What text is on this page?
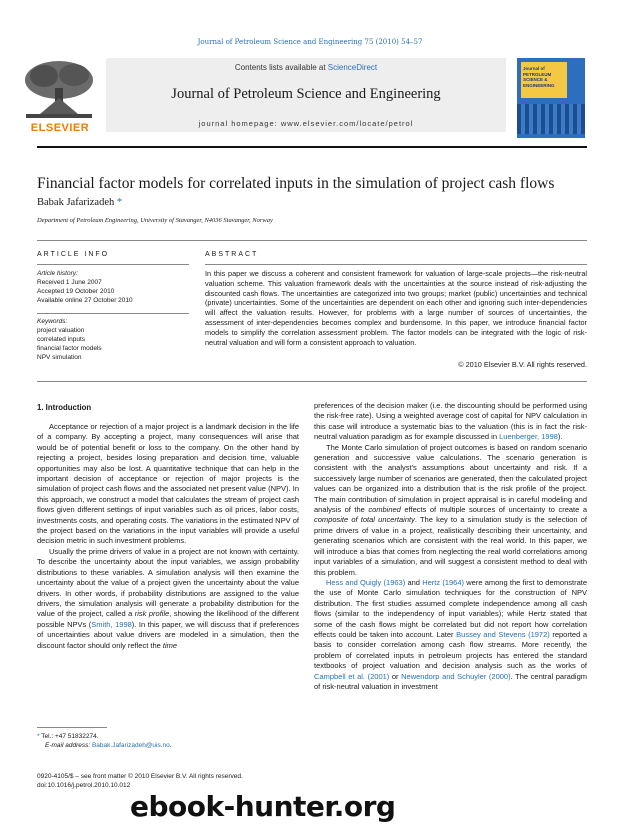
Journal of Petroleum Science and Engineering 75 (2010) 54–57
ELSEVIER
Contents lists available at ScienceDirect
Journal of Petroleum Science and Engineering
journal homepage: www.elsevier.com/locate/petrol
Journal of PETROLEUM SCIENCE & ENGINEERING
Financial factor models for correlated inputs in the simulation of project cash flows
Babak Jafarizadeh *
Department of Petroleum Engineering, University of Stavanger, N4036 Stavanger, Norway
ARTICLE INFO
Article history:
Received 1 June 2007
Accepted 19 October 2010
Available online 27 October 2010
Keywords:
project valuation
correlated inputs
financial factor models
NPV simulation
ABSTRACT
In this paper we discuss a coherent and consistent framework for valuation of large-scale projects—the risk-neutral valuation scheme. This valuation framework deals with the uncertainties at the source instead of risk-adjusting the discounted cash flows. The uncertainties are categorized into two groups; market (public) uncertainties and technical (private) uncertainties. Some of the uncertainties are dependent on each other and ignoring such inter-dependencies will affect the valuation results. However, for problems with a large number of sources of uncertainties, the assessment of inter-dependencies becomes complex and burdensome. In this paper, we introduce financial factor models to simplify the correlation assessment problem. The factor models can be integrated with the logic of risk-neutral valuation and will form a consistent approach to valuation.
© 2010 Elsevier B.V. All rights reserved.
1. Introduction

Acceptance or rejection of a major project is a landmark decision in the life of a company. By accepting a project, many consequences will arise that would be of potential benefit or loss to the company. On the other hand by rejecting a project, besides losing preparation and decision time, valuable opportunities may also be lost. A quantitative technique that can help in the important decision of acceptance or rejection of major projects is the simulation of project cash flows and the associated net present value (NPV). In this approach, we construct a model that calculates the stream of project cash flows given different settings of input variables such as oil prices, labor costs, investments costs, and operating costs. The variations in the estimated NPV of the project based on the variations in the input variables will provide a useful decision metric in such investment problems.

Usually the prime drivers of value in a project are not known with certainty. To describe the uncertainty about the input variables, we assign probability distributions to these variables. A simulation analysis will then examine the uncertainty about the value of a project given the uncertainty about the value drivers. In other words, if probability distributions are assigned to the value drivers, the simulation analysis will generate a probability distribution for the value of the project, called a risk profile, showing the likelihood of the different possible NPVs (Smith, 1998). In this paper, we will discuss that if preferences of uncertainties about value drivers are modeled in a simulation, then the discount factor should only reflect the time

preferences of the decision maker (i.e. the discounting should be performed using the risk-free rate). Using a weighted average cost of capital for NPV calculation in this case will introduce a systematic bias to the valuation (this is in fact the risk-neutral valuation paradigm as for example discussed in Luenberger, 1998).

The Monte Carlo simulation of project outcomes is based on random scenario generation and successive value calculations. The scenario generation is consistent with the analyst's assumptions about uncertainty and risk. If a successively large number of scenarios are generated, then the calculated project values can be organized into a distribution that is the risk profile of the project. The main contribution of simulation in project appraisal is in careful modeling and analysis of the combined effects of multiple sources of uncertainty to create a composite of total uncertainty. The key to a simulation study is the selection of prime drivers of value in a project, realistically describing their uncertainty, and generating scenarios which are consistent with the real world. In this paper, we will introduce a bias that comes from neglecting the real world correlations among input variables of a simulation, and will suggest a consistent method to deal with this problem.

Hess and Quigly (1963) and Hertz (1964) were among the first to demonstrate the use of Monte Carlo simulation techniques for the construction of NPV distribution. The first studies assumed complete independence among all cash flows (similar to the independency of input variables); while Hertz stated that some of the cash flows might be correlated but did not report how correlation effects could be taken into account. Later Bussey and Stevens (1972) reported a basis to consider correlation among cash flow streams. More recently, the problem of correlated inputs in petroleum projects has entered the standard textbooks of project valuation and decision analysis such as the works of Campbell et al. (2001) or Newendorp and Schuyler (2000). The central paradigm of risk-neutral valuation in investment

* Tel.: +47 51832274.
E-mail address: Babak.Jafarizadeh@uis.no.
0920-4105/$ – see front matter © 2010 Elsevier B.V. All rights reserved.
doi:10.1016/j.petrol.2010.10.012
ebook-hunter.org
